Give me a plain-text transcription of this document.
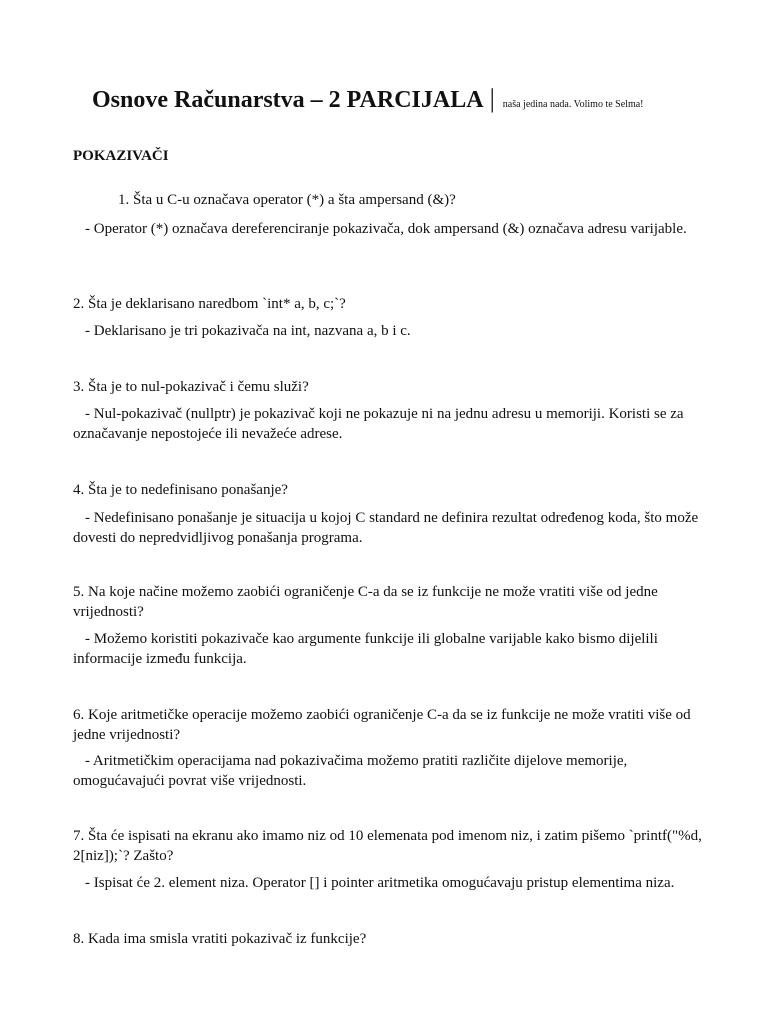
Osnove Računarstva – 2 PARCIJALA | naša jedina nada. Volimo te Selma!
POKAZIVAČI
1. Šta u C-u označava operator (*) a šta ampersand (&)?
- Operator (*) označava dereferenciranje pokazivača, dok ampersand (&) označava adresu varijable.
2. Šta je deklarisano naredbom `int* a, b, c;`?
- Deklarisano je tri pokazivača na int, nazvana a, b i c.
3. Šta je to nul-pokazivač i čemu služi?
- Nul-pokazivač (nullptr) je pokazivač koji ne pokazuje ni na jednu adresu u memoriji. Koristi se za označavanje nepostojeće ili nevažeće adrese.
4. Šta je to nedefinisano ponašanje?
- Nedefinisano ponašanje je situacija u kojoj C standard ne definira rezultat određenog koda, što može dovesti do nepredvidljivog ponašanja programa.
5. Na koje načine možemo zaobići ograničenje C-a da se iz funkcije ne može vratiti više od jedne vrijednosti?
- Možemo koristiti pokazivače kao argumente funkcije ili globalne varijable kako bismo dijelili informacije između funkcija.
6. Koje aritmetičke operacije možemo zaobići ograničenje C-a da se iz funkcije ne može vratiti više od jedne vrijednosti?
- Aritmetičkim operacijama nad pokazivačima možemo pratiti različite dijelove memorije, omogućavajući povrat više vrijednosti.
7. Šta će ispisati na ekranu ako imamo niz od 10 elemenata pod imenom niz, i zatim pišemo `printf("%d, 2[niz]);`? Zašto?
- Ispisat će 2. element niza. Operator [] i pointer aritmetika omogućavaju pristup elementima niza.
8. Kada ima smisla vratiti pokazivač iz funkcije?
